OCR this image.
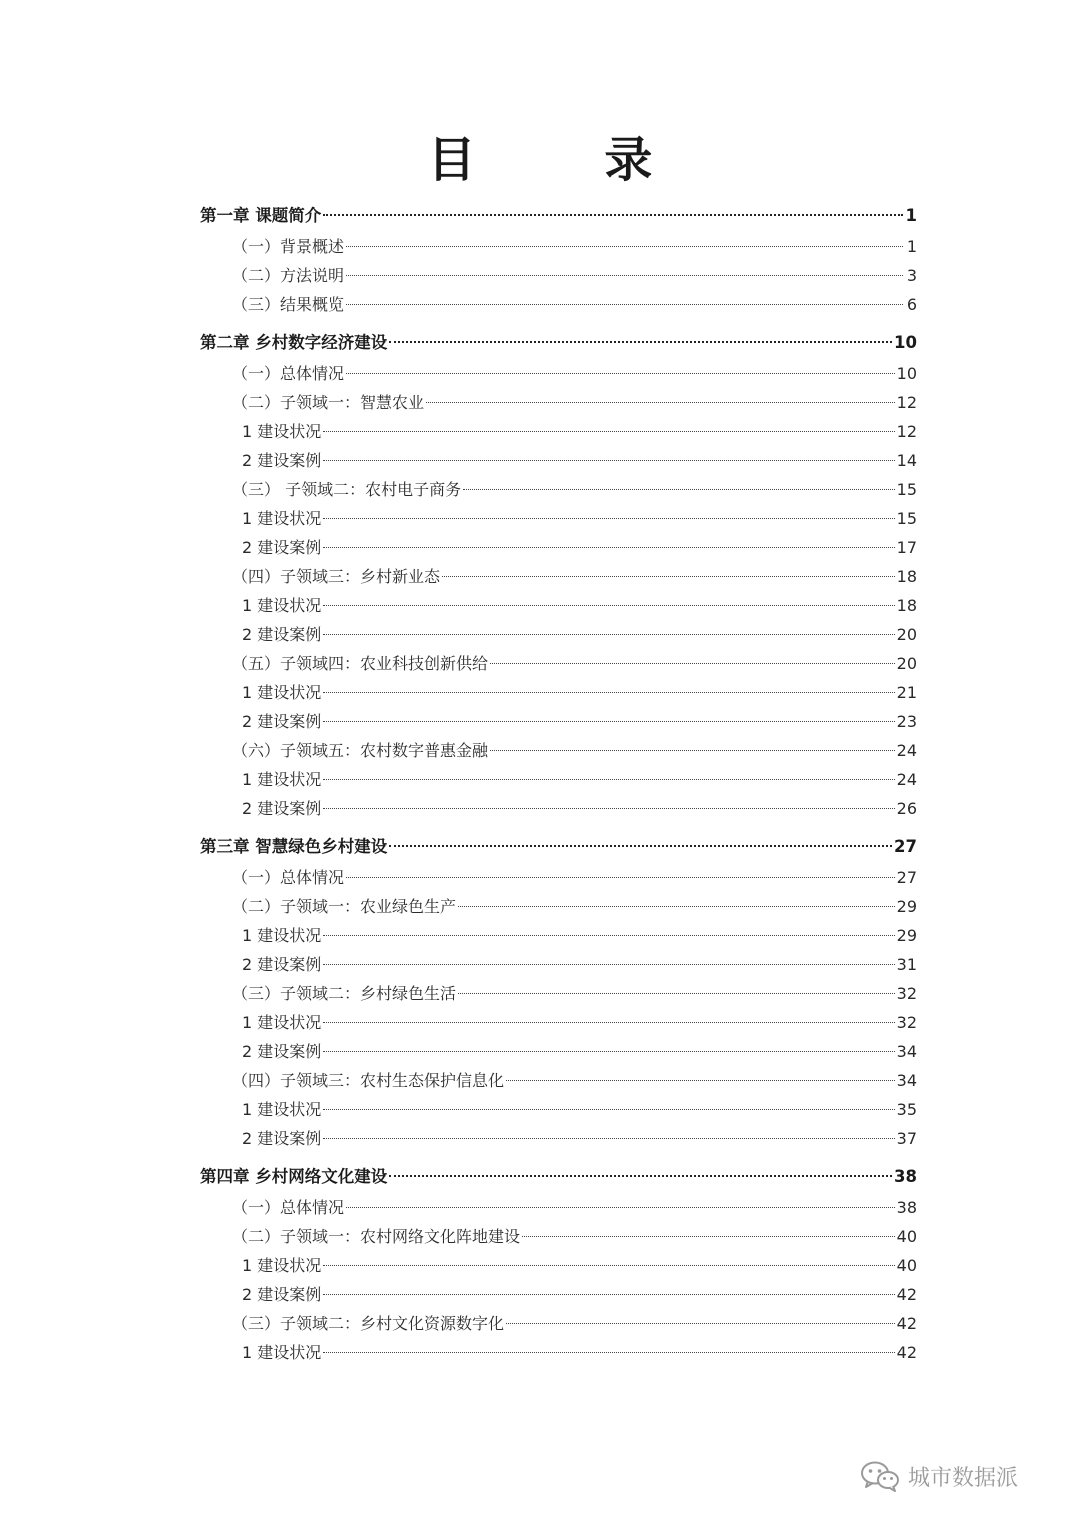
目 录
第一章 课题简介	1
（一）背景概述	1
（二）方法说明	3
（三）结果概览	6
第二章 乡村数字经济建设	10
（一）总体情况	10
（二）子领域一：智慧农业	12
1 建设状况	12
2 建设案例	14
（三） 子领域二：农村电子商务	15
1 建设状况	15
2 建设案例	17
（四）子领域三：乡村新业态	18
1 建设状况	18
2 建设案例	20
（五）子领域四：农业科技创新供给	20
1 建设状况	21
2 建设案例	23
（六）子领域五：农村数字普惠金融	24
1 建设状况	24
2 建设案例	26
第三章 智慧绿色乡村建设	27
（一）总体情况	27
（二）子领域一：农业绿色生产	29
1 建设状况	29
2 建设案例	31
（三）子领域二：乡村绿色生活	32
1 建设状况	32
2 建设案例	34
（四）子领域三：农村生态保护信息化	34
1 建设状况	35
2 建设案例	37
第四章 乡村网络文化建设	38
（一）总体情况	38
（二）子领域一：农村网络文化阵地建设	40
1 建设状况	40
2 建设案例	42
（三）子领域二：乡村文化资源数字化	42
1 建设状况	42
城市数据派
